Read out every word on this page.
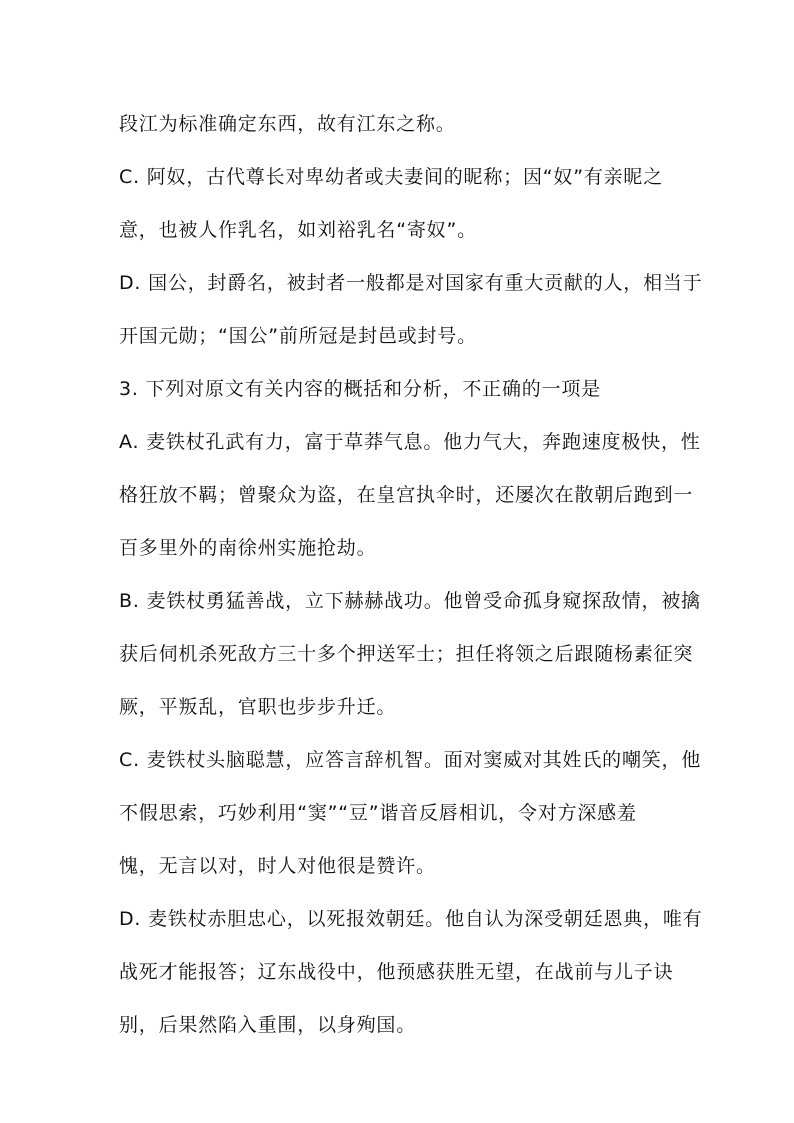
段江为标准确定东西，故有江东之称。
C. 阿奴，古代尊长对卑幼者或夫妻间的昵称；因“奴”有亲昵之
意，也被人作乳名，如刘裕乳名“寄奴”。
D. 国公，封爵名，被封者一般都是对国家有重大贡献的人，相当于
开国元勋；“国公”前所冠是封邑或封号。
3. 下列对原文有关内容的概括和分析，不正确的一项是
A. 麦铁杖孔武有力，富于草莽气息。他力气大，奔跑速度极快，性
格狂放不羁；曾聚众为盗，在皇宫执伞时，还屡次在散朝后跑到一
百多里外的南徐州实施抢劫。
B. 麦铁杖勇猛善战，立下赫赫战功。他曾受命孤身窥探敌情，被擒
获后伺机杀死敌方三十多个押送军士；担任将领之后跟随杨素征突
厥，平叛乱，官职也步步升迁。
C. 麦铁杖头脑聪慧，应答言辞机智。面对窦威对其姓氏的嘲笑，他
不假思索，巧妙利用“窦”“豆”谐音反唇相讥，令对方深感羞
愧，无言以对，时人对他很是赞许。
D. 麦铁杖赤胆忠心，以死报效朝廷。他自认为深受朝廷恩典，唯有
战死才能报答；辽东战役中，他预感获胜无望，在战前与儿子诀
别，后果然陷入重围，以身殉国。
